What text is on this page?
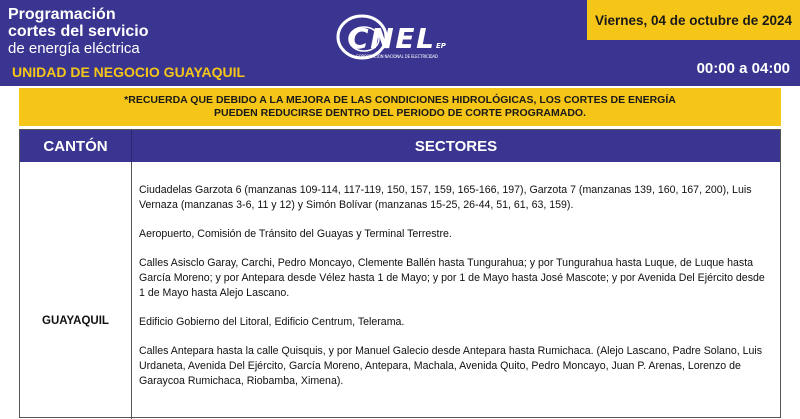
Programación
cortes del servicio
de energía eléctrica
UNIDAD DE NEGOCIO GUAYAQUIL
CNEL EP
CORPORACIÓN NACIONAL DE ELECTRICIDAD
Viernes, 04 de octubre de 2024
00:00 a 04:00
*RECUERDA QUE DEBIDO A LA MEJORA DE LAS CONDICIONES HIDROLÓGICAS, LOS CORTES DE ENERGÍA
PUEDEN REDUCIRSE DENTRO DEL PERIODO DE CORTE PROGRAMADO.
CANTÓN	SECTORES
GUAYAQUIL

Ciudadelas Garzota 6 (manzanas 109-114, 117-119, 150, 157, 159, 165-166, 197), Garzota 7 (manzanas 139, 160, 167, 200), Luis Vernaza (manzanas 3-6, 11 y 12) y Simón Bolívar (manzanas 15-25, 26-44, 51, 61, 63, 159).

Aeropuerto, Comisión de Tránsito del Guayas y Terminal Terrestre.

Calles Asisclo Garay, Carchi, Pedro Moncayo, Clemente Ballén hasta Tungurahua; y por Tungurahua hasta Luque, de Luque hasta García Moreno; y por Antepara desde Vélez hasta 1 de Mayo; y por 1 de Mayo hasta José Mascote; y por Avenida Del Ejército desde 1 de Mayo hasta Alejo Lascano.

Edificio Gobierno del Litoral, Edificio Centrum, Telerama.

Calles Antepara hasta la calle Quisquis, y por Manuel Galecio desde Antepara hasta Rumichaca. (Alejo Lascano, Padre Solano, Luis Urdaneta, Avenida Del Ejército, García Moreno, Antepara, Machala, Avenida Quito, Pedro Moncayo, Juan P. Arenas, Lorenzo de Garaycoa Rumichaca, Riobamba, Ximena).
